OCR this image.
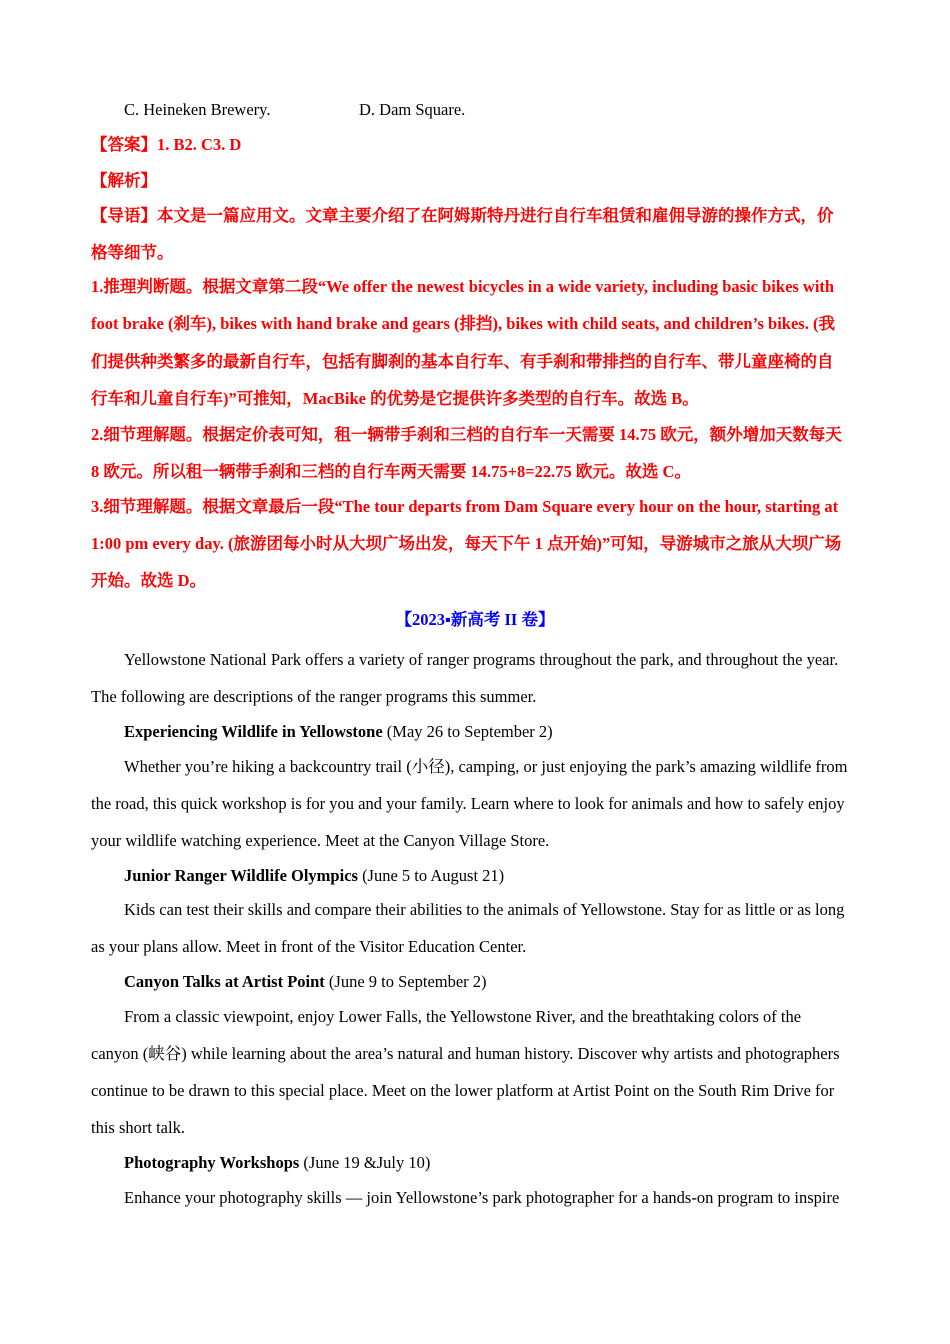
C. Heineken Brewery.	D. Dam Square.
【答案】1. B2. C3. D
【解析】
【导语】本文是一篇应用文。文章主要介绍了在阿姆斯特丹进行自行车租赁和雇佣导游的操作方式，价
格等细节。
1.推理判断题。根据文章第二段“We offer the newest bicycles in a wide variety, including basic bikes with
foot brake (刹车), bikes with hand brake and gears (排挡), bikes with child seats, and children’s bikes. (我
们提供种类繁多的最新自行车，包括有脚刹的基本自行车、有手刹和带排挡的自行车、带儿童座椅的自
行车和儿童自行车)”可推知，MacBike 的优势是它提供许多类型的自行车。故选 B。
2.细节理解题。根据定价表可知，租一辆带手刹和三档的自行车一天需要 14.75 欧元，额外增加天数每天
8 欧元。所以租一辆带手刹和三档的自行车两天需要 14.75+8=22.75 欧元。故选 C。
3.细节理解题。根据文章最后一段“The tour departs from Dam Square every hour on the hour, starting at
1:00 pm every day. (旅游团每小时从大坝广场出发，每天下午 1 点开始)”可知，导游城市之旅从大坝广场
开始。故选 D。
【2023▪新高考 II 卷】
Yellowstone National Park offers a variety of ranger programs throughout the park, and throughout the year.
The following are descriptions of the ranger programs this summer.
Experiencing Wildlife in Yellowstone (May 26 to September 2)
Whether you’re hiking a backcountry trail (小径), camping, or just enjoying the park’s amazing wildlife from
the road, this quick workshop is for you and your family. Learn where to look for animals and how to safely enjoy
your wildlife watching experience. Meet at the Canyon Village Store.
Junior Ranger Wildlife Olympics (June 5 to August 21)
Kids can test their skills and compare their abilities to the animals of Yellowstone. Stay for as little or as long
as your plans allow. Meet in front of the Visitor Education Center.
Canyon Talks at Artist Point (June 9 to September 2)
From a classic viewpoint, enjoy Lower Falls, the Yellowstone River, and the breathtaking colors of the
canyon (峡谷) while learning about the area’s natural and human history. Discover why artists and photographers
continue to be drawn to this special place. Meet on the lower platform at Artist Point on the South Rim Drive for
this short talk.
Photography Workshops (June 19 &July 10)
Enhance your photography skills — join Yellowstone’s park photographer for a hands-on program to inspire
